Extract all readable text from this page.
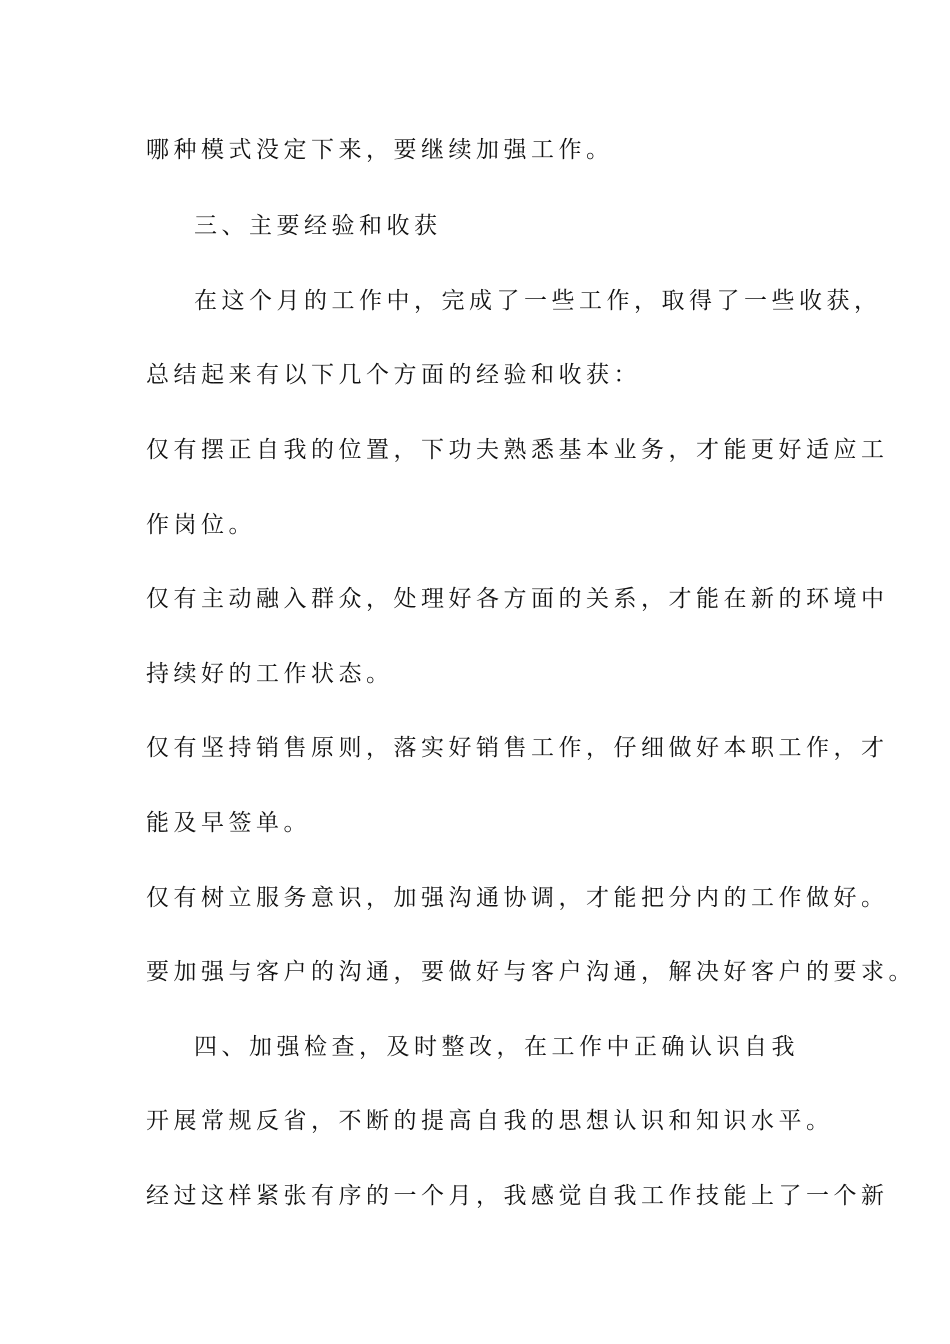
哪种模式没定下来，要继续加强工作。
三、主要经验和收获
在这个月的工作中，完成了一些工作，取得了一些收获，
总结起来有以下几个方面的经验和收获：
仅有摆正自我的位置，下功夫熟悉基本业务，才能更好适应工
作岗位。
仅有主动融入群众，处理好各方面的关系，才能在新的环境中
持续好的工作状态。
仅有坚持销售原则，落实好销售工作，仔细做好本职工作，才
能及早签单。
仅有树立服务意识，加强沟通协调，才能把分内的工作做好。
要加强与客户的沟通，要做好与客户沟通，解决好客户的要求。
四、加强检查，及时整改，在工作中正确认识自我
开展常规反省，不断的提高自我的思想认识和知识水平。
经过这样紧张有序的一个月，我感觉自我工作技能上了一个新
